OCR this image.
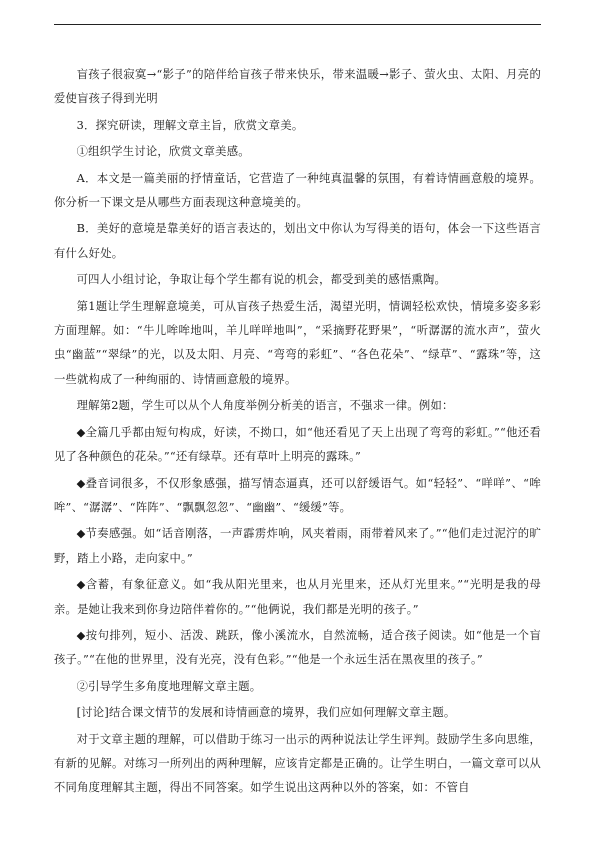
盲孩子很寂寞→“影子”的陪伴给盲孩子带来快乐，带来温暖→影子、萤火虫、太阳、月亮的爱使盲孩子得到光明

3．探究研读，理解文章主旨，欣赏文章美。

①组织学生讨论，欣赏文章美感。

A．本文是一篇美丽的抒情童话，它营造了一种纯真温馨的氛围，有着诗情画意般的境界。你分析一下课文是从哪些方面表现这种意境美的。

B．美好的意境是靠美好的语言表达的，划出文中你认为写得美的语句，体会一下这些语言有什么好处。

可四人小组讨论，争取让每个学生都有说的机会，都受到美的感悟熏陶。

第1题让学生理解意境美，可从盲孩子热爱生活，渴望光明，情调轻松欢快，情境多姿多彩方面理解。如：“牛儿哞哞地叫，羊儿咩咩地叫”，“采摘野花野果”，“听潺潺的流水声”，萤火虫“幽蓝”“翠绿”的光，以及太阳、月亮、“弯弯的彩虹”、“各色花朵”、“绿草”、“露珠”等，这一些就构成了一种绚丽的、诗情画意般的境界。

理解第2题，学生可以从个人角度举例分析美的语言，不强求一律。例如：

◆全篇几乎都由短句构成，好读，不拗口，如“他还看见了天上出现了弯弯的彩虹。”“他还看见了各种颜色的花朵。”“还有绿草。还有草叶上明亮的露珠。”

◆叠音词很多，不仅形象感强，描写情态逼真，还可以舒缓语气。如“轻轻”、“咩咩”、“哞哞”、“潺潺”、“阵阵”、“飘飘忽忽”、“幽幽”、“缓缓”等。

◆节奏感强。如“话音刚落，一声霹雳炸响，风夹着雨，雨带着风来了。”“他们走过泥泞的旷野，踏上小路，走向家中。”

◆含蓄，有象征意义。如“我从阳光里来，也从月光里来，还从灯光里来。”“光明是我的母亲。是她让我来到你身边陪伴着你的。”“他俩说，我们都是光明的孩子。”

◆按句排列，短小、活泼、跳跃，像小溪流水，自然流畅，适合孩子阅读。如“他是一个盲孩子。”“在他的世界里，没有光亮，没有色彩。”“他是一个永远生活在黑夜里的孩子。”

②引导学生多角度地理解文章主题。

[讨论]结合课文情节的发展和诗情画意的境界，我们应如何理解文章主题。

对于文章主题的理解，可以借助于练习一出示的两种说法让学生评判。鼓励学生多向思维，有新的见解。对练习一所列出的两种理解，应该肯定都是正确的。让学生明白，一篇文章可以从不同角度理解其主题，得出不同答案。如学生说出这两种以外的答案，如：不管自
